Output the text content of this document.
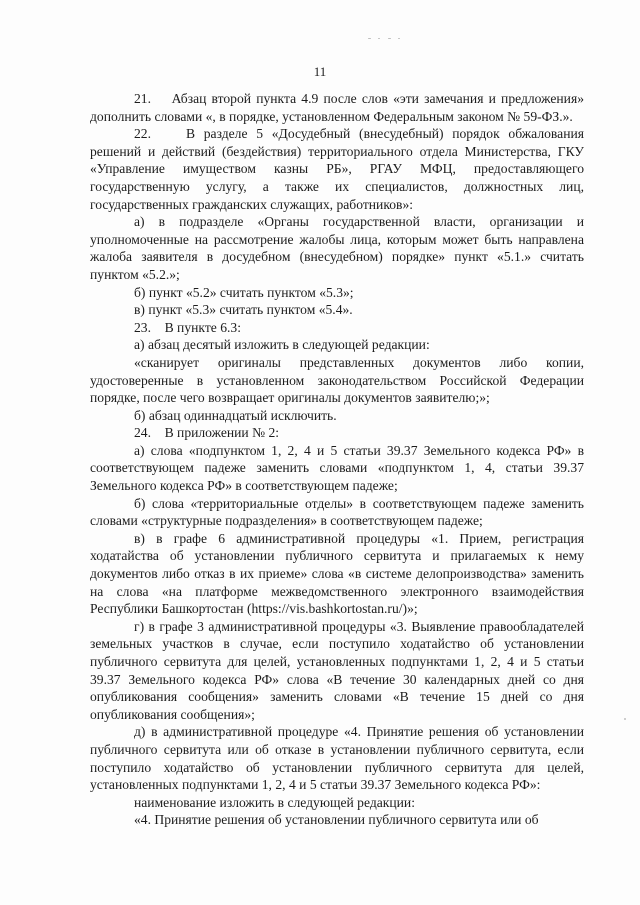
11

21.    Абзац второй пункта 4.9 после слов «эти замечания и предложения» дополнить словами «, в порядке, установленном Федеральным законом № 59-ФЗ.».

22.    В разделе 5 «Досудебный (внесудебный) порядок обжалования решений и действий (бездействия) территориального отдела Министерства, ГКУ «Управление имуществом казны РБ», РГАУ МФЦ, предоставляющего государственную услугу, а также их специалистов, должностных лиц, государственных гражданских служащих, работников»:

а) в подразделе «Органы государственной власти, организации и уполномоченные на рассмотрение жалобы лица, которым может быть направлена жалоба заявителя в досудебном (внесудебном) порядке» пункт «5.1.» считать пунктом «5.2.»;

б) пункт «5.2» считать пунктом «5.3»;

в) пункт «5.3» считать пунктом «5.4».

23.    В пункте 6.3:

а) абзац десятый изложить в следующей редакции:

«сканирует оригиналы представленных документов либо копии, удостоверенные в установленном законодательством Российской Федерации порядке, после чего возвращает оригиналы документов заявителю;»;

б) абзац одиннадцатый исключить.

24.    В приложении № 2:

а) слова «подпунктом 1, 2, 4 и 5 статьи 39.37 Земельного кодекса РФ» в соответствующем падеже заменить словами «подпунктом 1, 4, статьи 39.37 Земельного кодекса РФ» в соответствующем падеже;

б) слова «территориальные отделы» в соответствующем падеже заменить словами «структурные подразделения» в соответствующем падеже;

в) в графе 6 административной процедуры «1. Прием, регистрация ходатайства об установлении публичного сервитута и прилагаемых к нему документов либо отказ в их приеме» слова «в системе делопроизводства» заменить на слова «на платформе межведомственного электронного взаимодействия Республики Башкортостан (https://vis.bashkortostan.ru/)»;

г) в графе 3 административной процедуры «3. Выявление правообладателей земельных участков в случае, если поступило ходатайство об установлении публичного сервитута для целей, установленных подпунктами 1, 2, 4 и 5 статьи 39.37 Земельного кодекса РФ» слова «В течение 30 календарных дней со дня опубликования сообщения» заменить словами «В течение 15 дней со дня опубликования сообщения»;

д) в административной процедуре «4. Принятие решения об установлении публичного сервитута или об отказе в установлении публичного сервитута, если поступило ходатайство об установлении публичного сервитута для целей, установленных подпунктами 1, 2, 4 и 5 статьи 39.37 Земельного кодекса РФ»:

наименование изложить в следующей редакции:

«4. Принятие решения об установлении публичного сервитута или об
